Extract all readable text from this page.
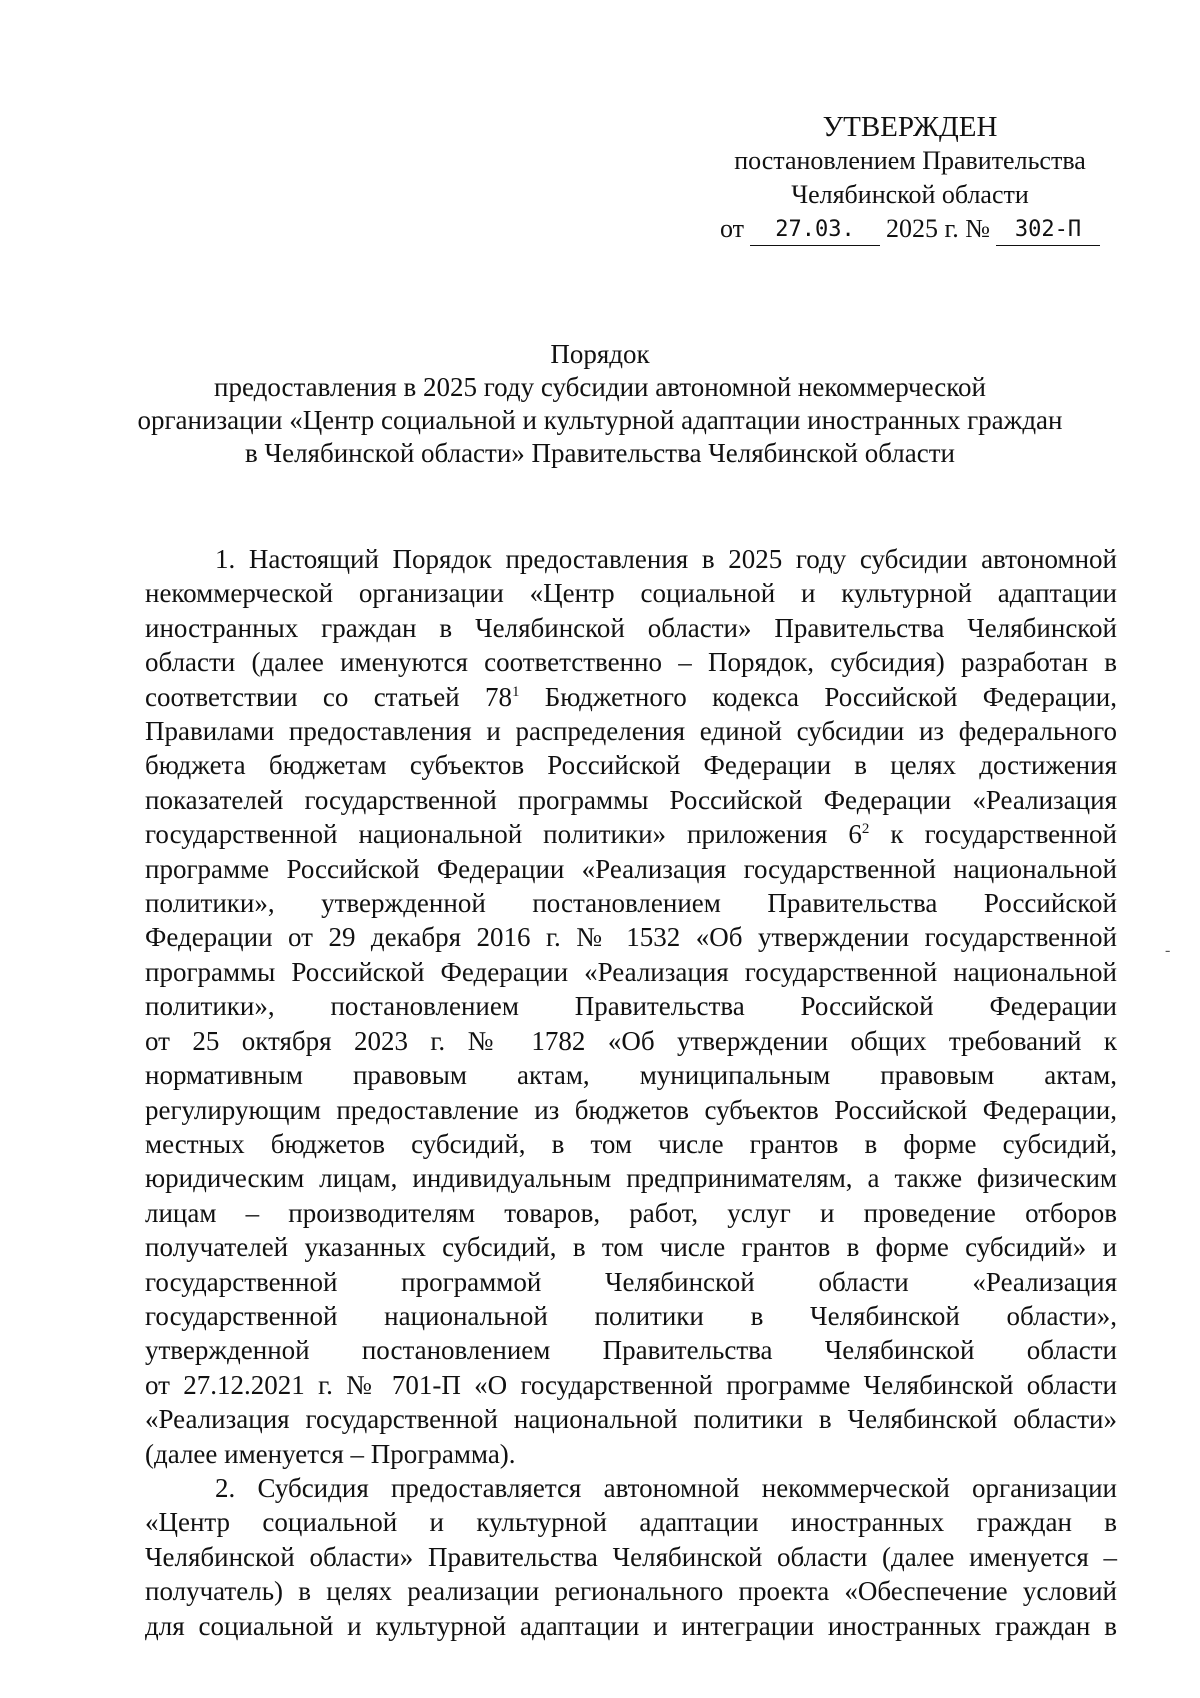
УТВЕРЖДЕН
постановлением Правительства
Челябинской области
от	27.03.	2025 г. №	302-П
Порядок
предоставления в 2025 году субсидии автономной некоммерческой
организации «Центр социальной и культурной адаптации иностранных граждан
в Челябинской области» Правительства Челябинской области

1. Настоящий Порядок предоставления в 2025 году субсидии автономной
некоммерческой организации «Центр социальной и культурной адаптации
иностранных граждан в Челябинской области» Правительства Челябинской
области (далее именуются соответственно – Порядок, субсидия) разработан в
соответствии со статьей $78^1$ Бюджетного кодекса Российской Федерации,
Правилами предоставления и распределения единой субсидии из федерального
бюджета бюджетам субъектов Российской Федерации в целях достижения
показателей государственной программы Российской Федерации «Реализация
государственной национальной политики» приложения $6^2$ к государственной
программе Российской Федерации «Реализация государственной национальной
политики», утвержденной постановлением Правительства Российской
Федерации от 29 декабря 2016 г. № 1532 «Об утверждении государственной
программы Российской Федерации «Реализация государственной национальной
политики», постановлением Правительства Российской Федерации
от 25 октября 2023 г. № 1782 «Об утверждении общих требований к
нормативным правовым актам, муниципальным правовым актам,
регулирующим предоставление из бюджетов субъектов Российской Федерации,
местных бюджетов субсидий, в том числе грантов в форме субсидий,
юридическим лицам, индивидуальным предпринимателям, а также физическим
лицам – производителям товаров, работ, услуг и проведение отборов
получателей указанных субсидий, в том числе грантов в форме субсидий» и
государственной программой Челябинской области «Реализация
государственной национальной политики в Челябинской области»,
утвержденной постановлением Правительства Челябинской области
от 27.12.2021 г. № 701-П «О государственной программе Челябинской области
«Реализация государственной национальной политики в Челябинской области»
(далее именуется – Программа).

2. Субсидия предоставляется автономной некоммерческой организации
«Центр социальной и культурной адаптации иностранных граждан в
Челябинской области» Правительства Челябинской области (далее именуется –
получатель) в целях реализации регионального проекта «Обеспечение условий
для социальной и культурной адаптации и интеграции иностранных граждан в

-
